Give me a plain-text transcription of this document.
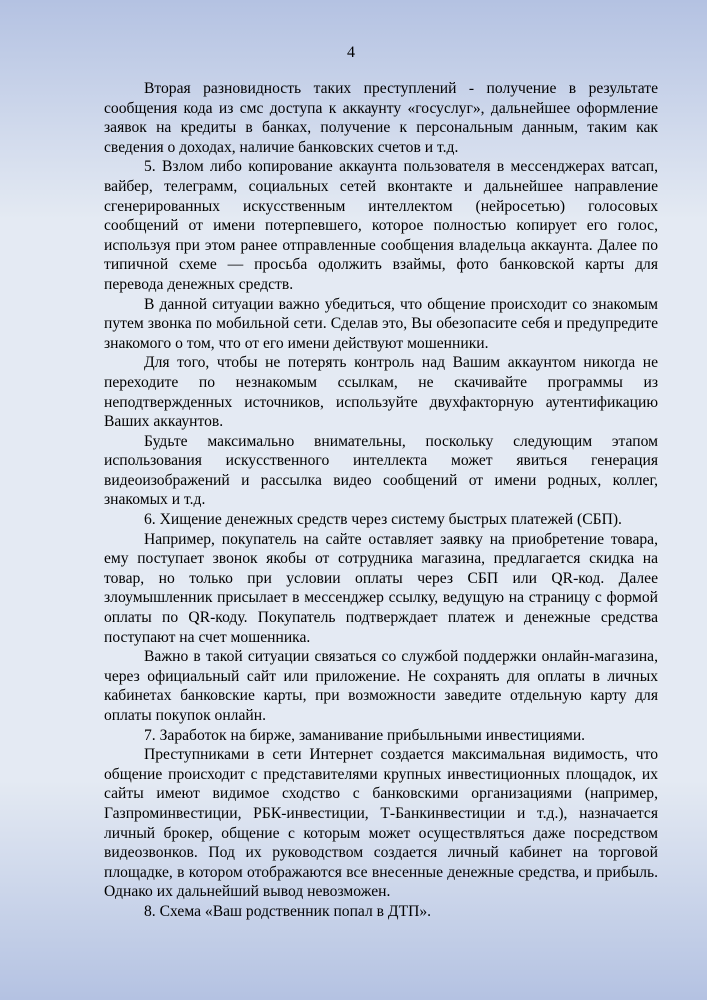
4

Вторая разновидность таких преступлений - получение в результате сообщения кода из смс доступа к аккаунту «госуслуг», дальнейшее оформление заявок на кредиты в банках, получение к персональным данным, таким как сведения о доходах, наличие банковских счетов и т.д.

5. Взлом либо копирование аккаунта пользователя в мессенджерах ватсап, вайбер, телеграмм, социальных сетей вконтакте и дальнейшее направление сгенерированных искусственным интеллектом (нейросетью) голосовых сообщений от имени потерпевшего, которое полностью копирует его голос, используя при этом ранее отправленные сообщения владельца аккаунта. Далее по типичной схеме — просьба одолжить взаймы, фото банковской карты для перевода денежных средств.

В данной ситуации важно убедиться, что общение происходит со знакомым путем звонка по мобильной сети. Сделав это, Вы обезопасите себя и предупредите знакомого о том, что от его имени действуют мошенники.

Для того, чтобы не потерять контроль над Вашим аккаунтом никогда не переходите по незнакомым ссылкам, не скачивайте программы из неподтвержденных источников, используйте двухфакторную аутентификацию Ваших аккаунтов.

Будьте максимально внимательны, поскольку следующим этапом использования искусственного интеллекта может явиться генерация видеоизображений и рассылка видео сообщений от имени родных, коллег, знакомых и т.д.

6. Хищение денежных средств через систему быстрых платежей (СБП).

Например, покупатель на сайте оставляет заявку на приобретение товара, ему поступает звонок якобы от сотрудника магазина, предлагается скидка на товар, но только при условии оплаты через СБП или QR-код. Далее злоумышленник присылает в мессенджер ссылку, ведущую на страницу с формой оплаты по QR-коду. Покупатель подтверждает платеж и денежные средства поступают на счет мошенника.

Важно в такой ситуации связаться со службой поддержки онлайн-магазина, через официальный сайт или приложение. Не сохранять для оплаты в личных кабинетах банковские карты, при возможности заведите отдельную карту для оплаты покупок онлайн.

7. Заработок на бирже, заманивание прибыльными инвестициями.

Преступниками в сети Интернет создается максимальная видимость, что общение происходит с представителями крупных инвестиционных площадок, их сайты имеют видимое сходство с банковскими организациями (например, Газпроминвестиции, РБК-инвестиции, Т-Банкинвестиции и т.д.), назначается личный брокер, общение с которым может осуществляться даже посредством видеозвонков. Под их руководством создается личный кабинет на торговой площадке, в котором отображаются все внесенные денежные средства, и прибыль. Однако их дальнейший вывод невозможен.

8. Схема «Ваш родственник попал в ДТП».
